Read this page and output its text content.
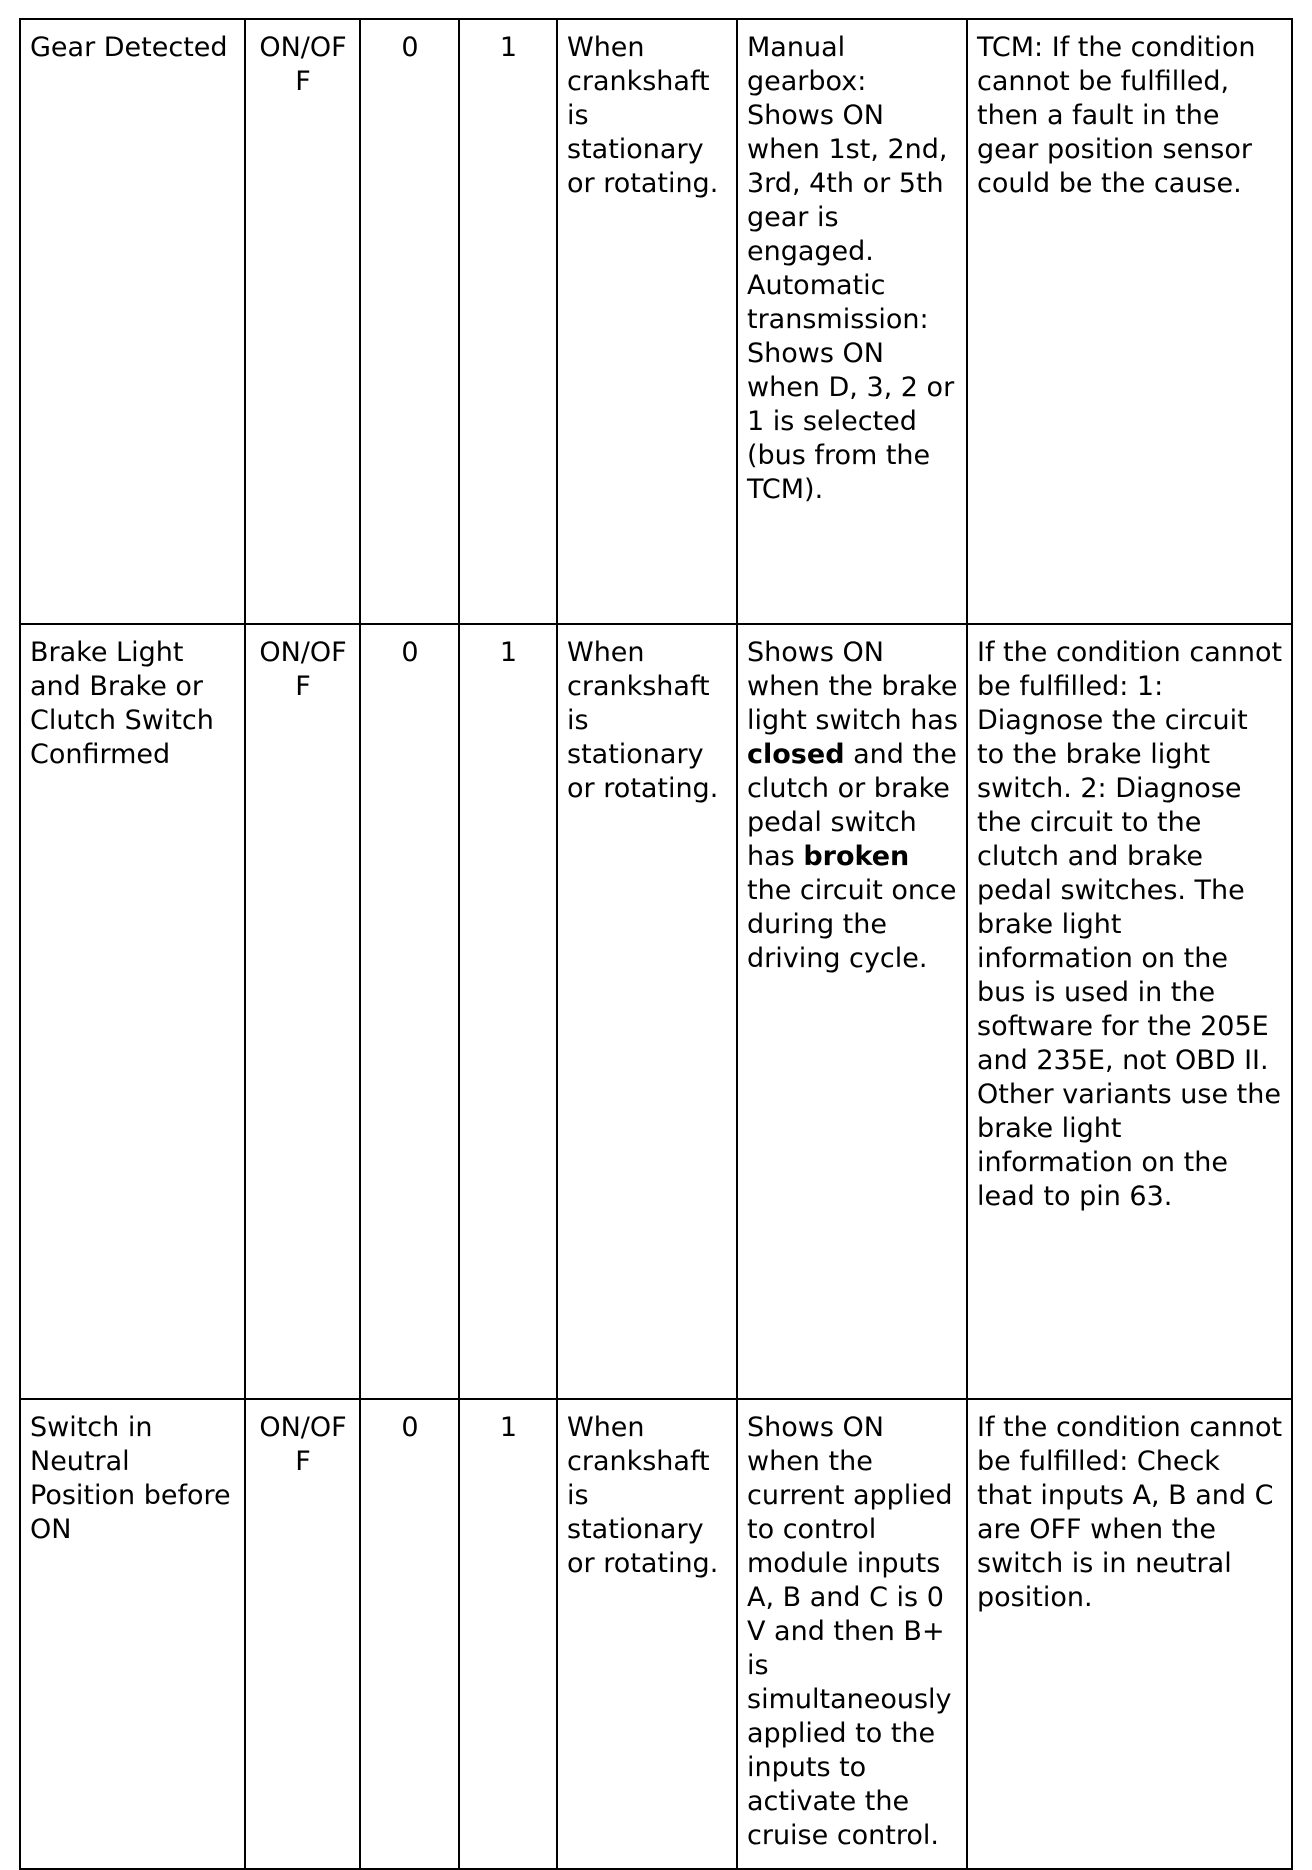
Gear Detected	ON/OFF	0	1	When crankshaft is stationary or rotating.	Manual gearbox: Shows ON when 1st, 2nd, 3rd, 4th or 5th gear is engaged. Automatic transmission: Shows ON when D, 3, 2 or 1 is selected (bus from the TCM).	TCM: If the condition cannot be fulfilled, then a fault in the gear position sensor could be the cause.
Brake Light and Brake or Clutch Switch Confirmed	ON/OFF	0	1	When crankshaft is stationary or rotating.	Shows ON when the brake light switch has closed and the clutch or brake pedal switch has broken the circuit once during the driving cycle.	If the condition cannot be fulfilled: 1: Diagnose the circuit to the brake light switch. 2: Diagnose the circuit to the clutch and brake pedal switches. The brake light information on the bus is used in the software for the 205E and 235E, not OBD II. Other variants use the brake light information on the lead to pin 63.
Switch in Neutral Position before ON	ON/OFF	0	1	When crankshaft is stationary or rotating.	Shows ON when the current applied to control module inputs A, B and C is 0 V and then B+ is simultaneously applied to the inputs to activate the cruise control.	If the condition cannot be fulfilled: Check that inputs A, B and C are OFF when the switch is in neutral position.
